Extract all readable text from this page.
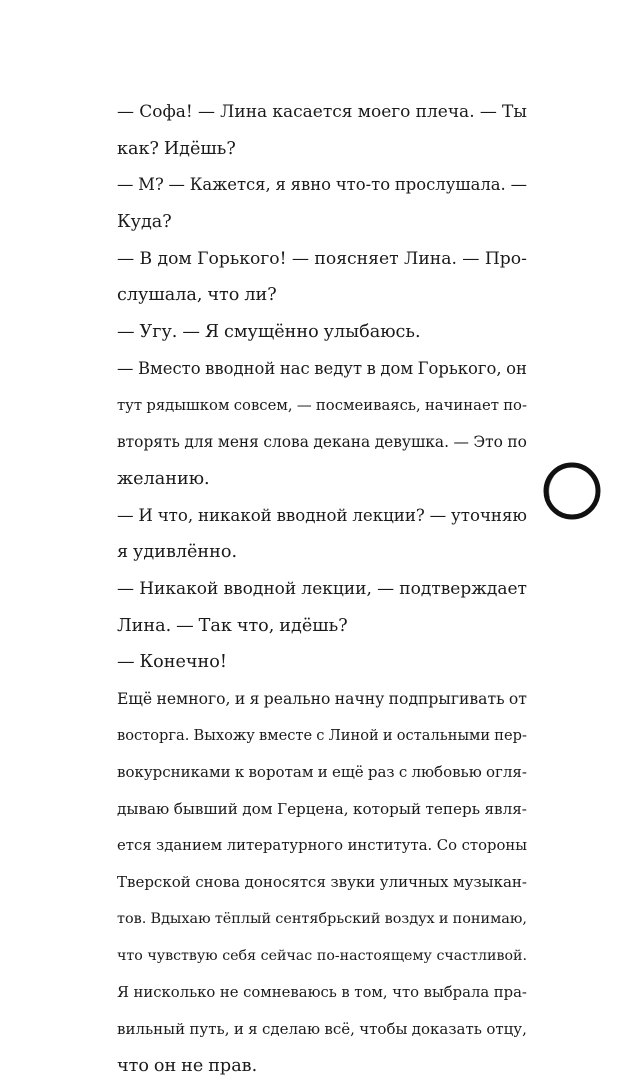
— Софа! — Лина касается моего плеча. — Ты
как? Идёшь?
— М? — Кажется, я явно что-то прослушала. —
Куда?
— В дом Горького! — поясняет Лина. — Про-
слушала, что ли?
— Угу. — Я смущённо улыбаюсь.
— Вместо вводной нас ведут в дом Горького, он
тут рядышком совсем, — посмеиваясь, начинает по-
вторять для меня слова декана девушка. — Это по
желанию.
— И что, никакой вводной лекции? — уточняю
я удивлённо.
— Никакой вводной лекции, — подтверждает
Лина. — Так что, идёшь?
— Конечно!
Ещё немного, и я реально начну подпрыгивать от
восторга. Выхожу вместе с Линой и остальными пер-
вокурсниками к воротам и ещё раз с любовью огля-
дываю бывший дом Герцена, который теперь явля-
ется зданием литературного института. Со стороны
Тверской снова доносятся звуки уличных музыкан-
тов. Вдыхаю тёплый сентябрьский воздух и понимаю,
что чувствую себя сейчас по-настоящему счастливой.
Я нисколько не сомневаюсь в том, что выбрала пра-
вильный путь, и я сделаю всё, чтобы доказать отцу,
что он не прав.
